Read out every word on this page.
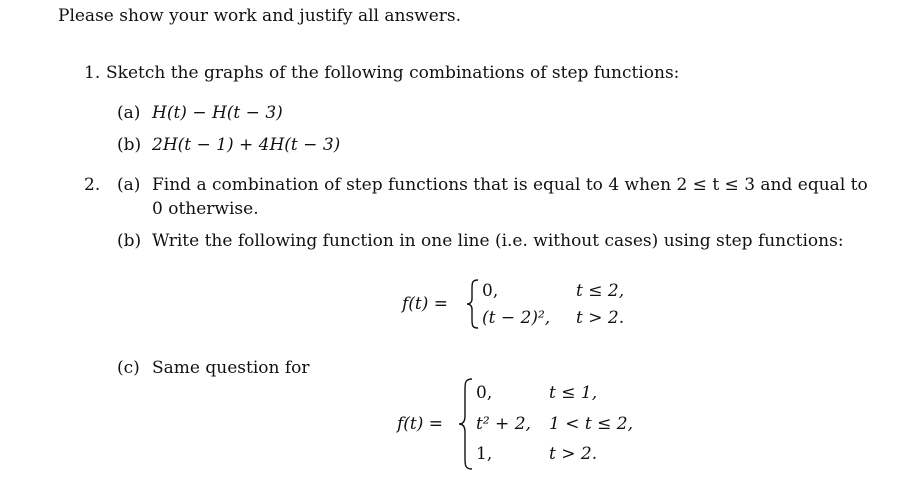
Please show your work and justify all answers.
1. Sketch the graphs of the following combinations of step functions:
(a) H(t) − H(t − 3)
(b) 2H(t − 1) + 4H(t − 3)
2. (a) Find a combination of step functions that is equal to 4 when 2 ≤ t ≤ 3 and equal to
0 otherwise.
(b) Write the following function in one line (i.e. without cases) using step functions:
f(t) =
0,	t ≤ 2,
(t − 2)², t > 2.
(c) Same question for
f(t) =
0,	t ≤ 1,
t² + 2, 1 < t ≤ 2,
1,	t > 2.
